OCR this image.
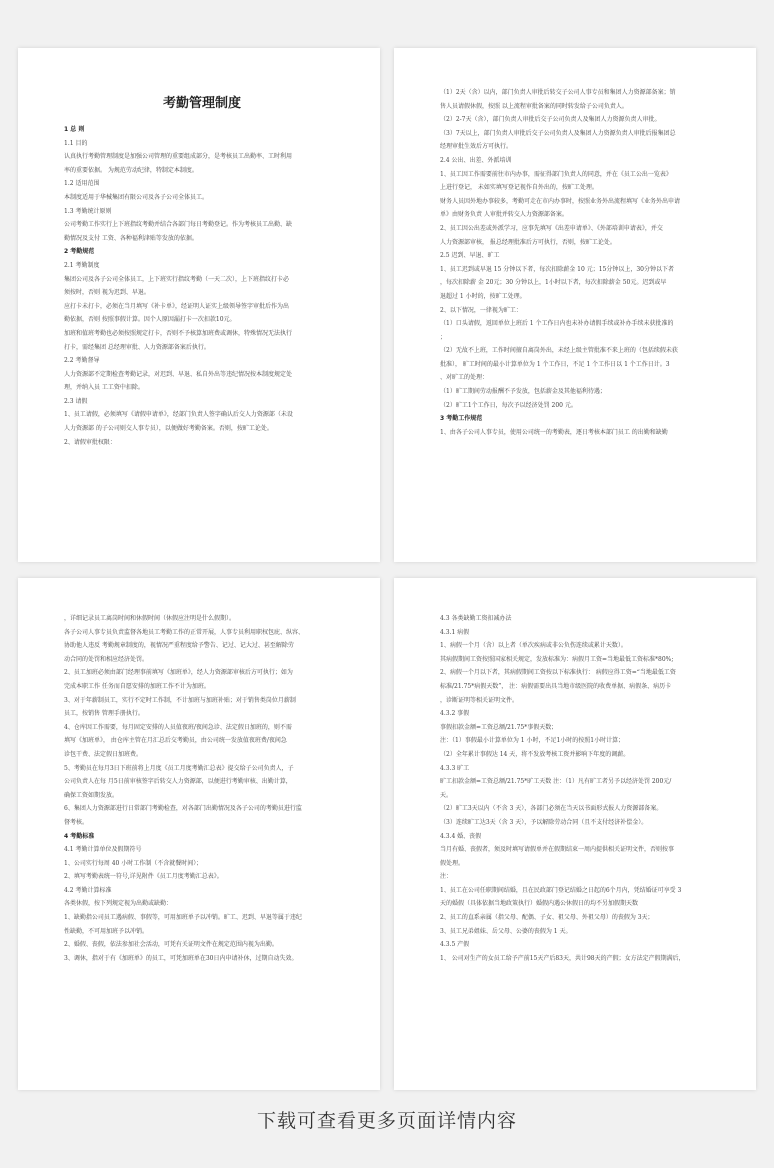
考勤管理制度
1 总 则
1.1 目的
认真执行考勤管理制度是加强公司管理的重要组成部分，是考核员工出勤率、工时利用
率的重要依据。 为规范劳动纪律，特制定本制度。
1.2 适用范围
本制度适用于华械集团有限公司及各子公司全体员工。
1.3 考勤统计原则
公司考勤工作实行上下班指纹考勤并结合各部门每日考勤登记。作为考核员工出勤、缺
勤情况及支付 工资、各种福利津贴等发放的依据。
2 考勤规范
2.1 考勤制度
集团公司及各子公司全体员工，上下班实行指纹考勤（一天二次），上下班指纹打卡必
须按时，否则 视为迟到、早退。
应打卡未打卡，必须在当月填写《补卡单》，经证明人证实上级领导签字审批后作为出
勤依据，否则 按照事假计算。因个人原因漏打卡一次扣款10元。
加班和值班考勤也必须按照规定打卡，否则不予核算加班费或调休，特殊情况无法执行
打卡，需经集团 总经理审批、人力资源部备案后执行。
2.2 考勤督导
人力资源部不定期检查考勤记录，对迟到、早退、私自外出等违纪情况按本制度规定处
理，并纳入员 工工资中扣除。
2.3 请假
1、员工请假，必须填写《请假申请单》，经部门负责人签字确认后交人力资源部（未设
人力资源部 的子公司则交人事专员），以便做好考勤备案。否则，按旷工论处。
2、请假审批权限：
（1）2天（含）以内，部门负责人审批后转交子公司人事专员和集团人力资源部备案；销
售人员请假休假，按照 以上流程审批备案的同时转发给子公司负责人。
（2）2-7天（含），部门负责人审批后交子公司负责人及集团人力资源负责人审批。
（3）7天以上，部门负责人审批后交子公司负责人及集团人力资源负责人审批后报集团总
经理审批生效后方可执行。
2.4 公出、出差、外派培训
1、员工因工作需要前往市内办事，需征得部门负责人的同意，并在《员工公出一览表》
上进行登记， 未如实填写登记视作自外出的，按旷工处理。
财务人员因外地办事较多，考勤可走在市内办事时，按照业务外出流程填写《业务外出申请
单》由财务负责 人审批并转交人力资源部备案。
2、员工因公出差或外派学习，应事先填写《出差申请单》、《外部培训申请表》，并交
人力资源部审核， 报总经理批准后方可执行，否则，按旷工论处。
2.5 迟到、早退、旷工
1、员工迟到或早退 15 分钟以下者，每次扣除薪金 10 元；15分钟以上，30分钟以下者
，每次扣除薪 金 20元；30 分钟以上，1小时以下者，每次扣除薪金 50元。迟到或早
退超过 1 小时的，按旷工处理。
2、以下情况，一律视为旷工：
（1）口头请假，返回单位上班后 1 个工作日内也未补办请假手续或补办手续未获批准的
；
（2）无故不上班，工作时间擅自离岗外出，未经上级主管批准不来上班的（包括续假未获
批准）， 旷工时间的最小计算单位为 1 个工作日，不足 1 个工作日以 1 个工作日计。3
、对旷工的处理：
（1）旷工期间劳动报酬不予发放，包括薪金及其他福利待遇；
（2）旷工1个工作日，每次予以经济处罚 200 元。
3 考勤工作规范
1、由各子公司人事专员，使用公司统一的考勤表，逐日考核本部门员工 的出勤和缺勤
，详细记录员工离岗时间和休假时间（休假应注明是什么假期）。
各子公司人事专员负责监督各地员工考勤工作的正常开展，人事专员利用职权包庇、纵容、
协助他人违反 考勤规章制度的，视情况严重程度给予警告、记过、记大过、甚至解除劳
动合同的处罚和相应经济处罚。
2、员工加班必须由部门经理事前填写《加班单》，经人力资源部审核后方可执行；如为
完成本职工作 任务而自愿安排的加班工作不计为加班。
3、对于年薪制员工，实行不定时工作制，不计加班与加班补贴；对于销售类岗位月薪制
员工，按销售 管理手册执行。
4、仓库因工作需要，每月固定安排的人员值夜班/夜间急诊、法定假日加班的，则不需
填写《加班单》， 由仓库主管在月汇总后交考勤员，由公司统一发放值夜班费/夜间急
诊包干费、法定假日加班费。
5、考勤员在每月3日下班前将上月度《员工月度考勤汇总表》提交给子公司负责人，子
公司负责人在每 月5日前审核签字后转交人力资源部，以便进行考勤审核、出勤计算，
确保工资如期发放。
6、集团人力资源部进行日常部门考勤检查，对各部门出勤情况及各子公司的考勤员进行监
督考核。
4 考勤标准
4.1 考勤计算单位及假期符号
1、公司实行每周 40 小时工作制（不含就餐时间）；
2、填写考勤表统一符号,详见附件《员工月度考勤汇总表》。
4.2 考勤计算标准
各类休假，按下列规定视为出勤或缺勤：
1、缺勤指公司员工遇病假、事假等，可用加班单予以冲销。旷工、迟到、早退等属于违纪
性缺勤，不可用加班予以冲销。
2、婚假、丧假，依法参加社会活动，可凭有关证明文件在规定范围内视为出勤。
3、调休，指对于有《加班单》的员工，可凭加班单在30日内申请补休，过期自动失效。
4.3 各类缺勤工资扣减办法
4.3.1 病假
1、病假一个月（含）以上者（单次疾病或非公负伤连续或累计天数）。
其病假期间工资按照国家相关规定，发放标准为：病假月工资=当地最低工资标准*80%;
2、病假一个月以下者，其病假期间工资按以下标准执行： 病假应得工资=“当地最低工资
标准/21.75*病假天数”， 注：病假需要出具当地市级医院的收费单据、病假条、病历卡
，诊断证明等相关证明文件。
4.3.2 事假
事假扣款金额=工资总额/21.75*事假天数；
注：（1）事假最小计算单位为 1 小时，不足1小时的按照1小时计算；
（2）全年累计事假达 14 天，将不发放考核工资并影响下年度的调薪。
4.3.3 旷工
旷工扣款金额=工资总额/21.75*旷工天数 注：（1）凡有旷工者另予以经济处罚 200元/
天。
（2）旷工3天以内（不含 3 天），各部门必须在当天以书面形式报人力资源部备案。
（3）连续旷工达3天（含 3 天），予以解除劳动合同（且不支付经济补偿金）。
4.3.4 婚、丧假
当月有婚、丧假者，须及时填写请假单并在假期结束一周内提供相关证明文件，否则按事
假处理。
注：
1、员工在公司任职期间结婚，且在民政部门登记结婚之日起的6个月内，凭结婚证可享受 3
天的婚假（具体依据当地政策执行）婚假内遇公休假日的均不另加假期天数
2、员工的直系亲属（指父母、配偶、子女、祖父母、外祖父母）的丧假为 3天；
3、员工兄弟姐妹、岳父母、公婆的丧假为 1 天。
4.3.5 产假
1、 公司对生产的女员工给予产前15天产后83天，共计98天的产假；女方法定产假期满后，
下载可查看更多页面详情内容
